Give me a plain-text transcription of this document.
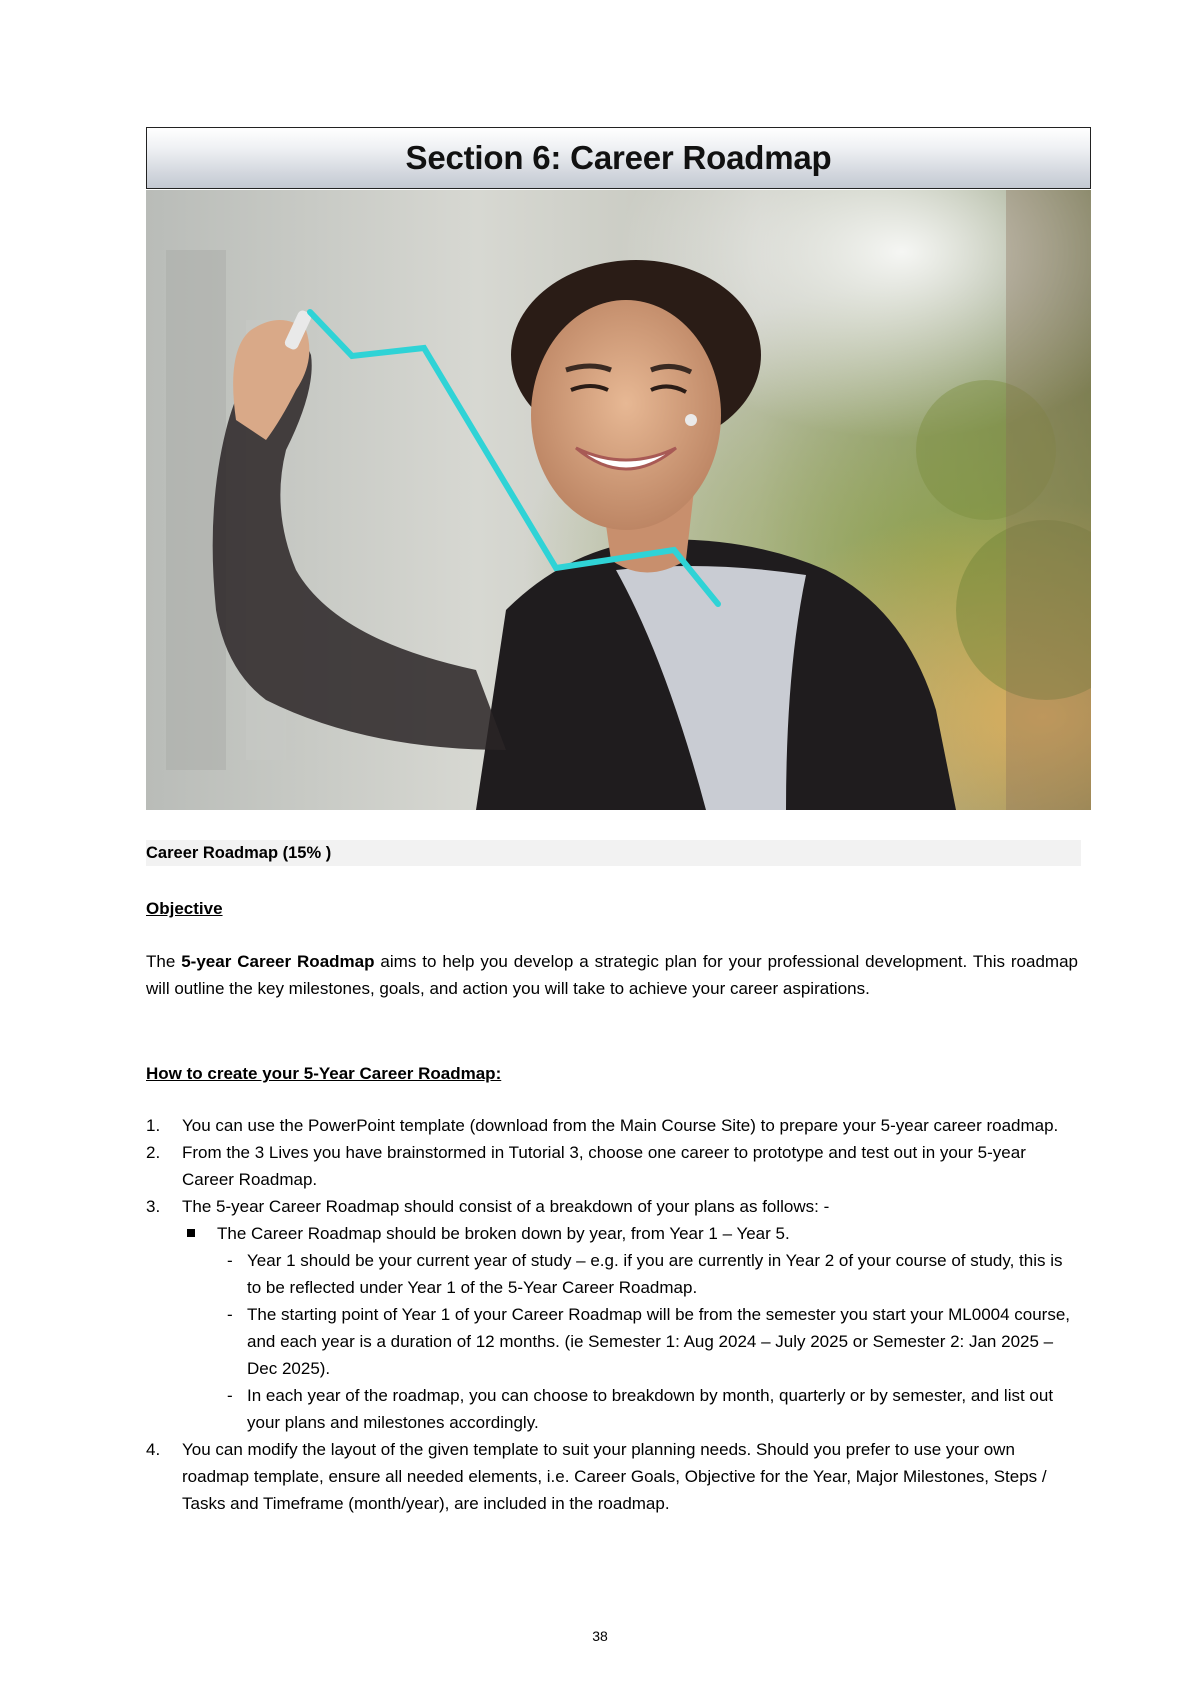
Section 6: Career Roadmap
Career Roadmap (15% )
Objective
The 5-year Career Roadmap aims to help you develop a strategic plan for your professional development. This roadmap will outline the key milestones, goals, and action you will take to achieve your career aspirations.
How to create your 5-Year Career Roadmap:
1. You can use the PowerPoint template (download from the Main Course Site) to prepare your 5-year career roadmap.
2. From the 3 Lives you have brainstormed in Tutorial 3, choose one career to prototype and test out in your 5-year Career Roadmap.
3. The 5-year Career Roadmap should consist of a breakdown of your plans as follows: -
The Career Roadmap should be broken down by year, from Year 1 – Year 5.
- Year 1 should be your current year of study – e.g. if you are currently in Year 2 of your course of study, this is to be reflected under Year 1 of the 5-Year Career Roadmap.
- The starting point of Year 1 of your Career Roadmap will be from the semester you start your ML0004 course, and each year is a duration of 12 months. (ie Semester 1: Aug 2024 – July 2025 or Semester 2: Jan 2025 – Dec 2025).
- In each year of the roadmap, you can choose to breakdown by month, quarterly or by semester, and list out your plans and milestones accordingly.
4. You can modify the layout of the given template to suit your planning needs. Should you prefer to use your own roadmap template, ensure all needed elements, i.e. Career Goals, Objective for the Year, Major Milestones, Steps / Tasks and Timeframe (month/year), are included in the roadmap.
38
